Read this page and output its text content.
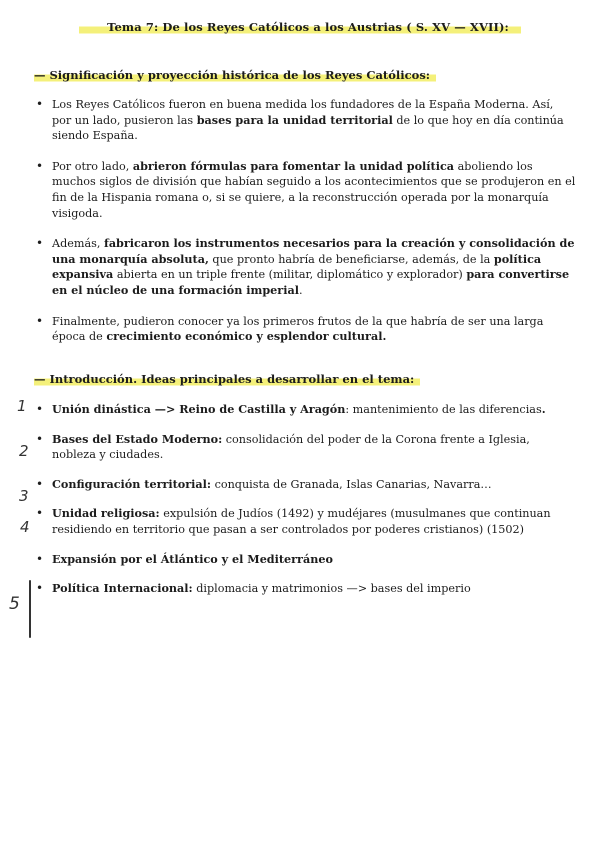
Tema 7: De los Reyes Católicos a los Austrias ( S. XV — XVII):
— Significación y proyección histórica de los Reyes Católicos:
• Los Reyes Católicos fueron en buena medida los fundadores de la España Moderna. Así, por un lado, pusieron las bases para la unidad territorial de lo que hoy en día continúa siendo España.
• Por otro lado, abrieron fórmulas para fomentar la unidad política aboliendo los muchos siglos de división que habían seguido a los acontecimientos que se produjeron en el fin de la Hispania romana o, si se quiere, a la reconstrucción operada por la monarquía visigoda.
• Además, fabricaron los instrumentos necesarios para la creación y consolidación de una monarquía absoluta, que pronto habría de beneficiarse, además, de la política expansiva abierta en un triple frente (militar, diplomático y explorador) para convertirse en el núcleo de una formación imperial.
• Finalmente, pudieron conocer ya los primeros frutos de la que habría de ser una larga época de crecimiento económico y esplendor cultural.
— Introducción. Ideas principales a desarrollar en el tema:
• Unión dinástica —> Reino de Castilla y Aragón: mantenimiento de las diferencias.
• Bases del Estado Moderno: consolidación del poder de la Corona frente a Iglesia, nobleza y ciudades.
• Configuración territorial: conquista de Granada, Islas Canarias, Navarra…
• Unidad religiosa: expulsión de Judíos (1492) y mudéjares (musulmanes que continuan residiendo en territorio que pasan a ser controlados por poderes cristianos) (1502)
• Expansión por el Átlántico y el Mediterráneo
• Política Internacional: diplomacia y matrimonios —> bases del imperio
1
2
3
4
5
